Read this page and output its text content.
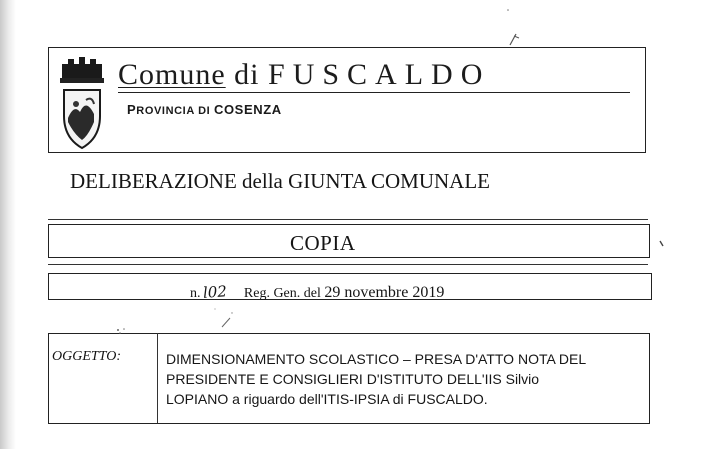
Comune di FUSCALDO
PROVINCIA DI COSENZA
DELIBERAZIONE della GIUNTA COMUNALE
COPIA
n.l02 Reg. Gen. del 29 novembre 2019
OGGETTO:	DIMENSIONAMENTO SCOLASTICO – PRESA D'ATTO NOTA DEL
PRESIDENTE E CONSIGLIERI D'ISTITUTO DELL'IIS Silvio
LOPIANO a riguardo dell'ITIS-IPSIA di FUSCALDO.
